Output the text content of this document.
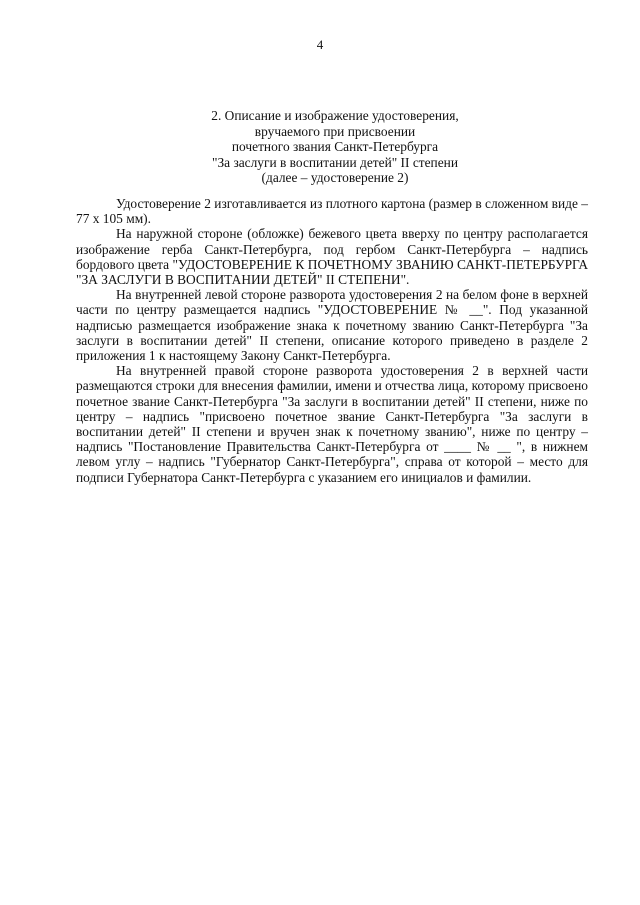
4
2. Описание и изображение удостоверения,
вручаемого при присвоении
почетного звания Санкт-Петербурга
"За заслуги в воспитании детей" II степени
(далее – удостоверение 2)

Удостоверение 2 изготавливается из плотного картона (размер в сложенном виде – 77 х 105 мм).

На наружной стороне (обложке) бежевого цвета вверху по центру располагается изображение герба Санкт-Петербурга, под гербом Санкт-Петербурга – надпись бордового цвета "УДОСТОВЕРЕНИЕ К ПОЧЕТНОМУ ЗВАНИЮ САНКТ-ПЕТЕРБУРГА "ЗА ЗАСЛУГИ В ВОСПИТАНИИ ДЕТЕЙ" II СТЕПЕНИ".

На внутренней левой стороне разворота удостоверения 2 на белом фоне в верхней части по центру размещается надпись "УДОСТОВЕРЕНИЕ № __". Под указанной надписью размещается изображение знака к почетному званию Санкт-Петербурга "За заслуги в воспитании детей" II степени, описание которого приведено в разделе 2 приложения 1 к настоящему Закону Санкт-Петербурга.

На внутренней правой стороне разворота удостоверения 2 в верхней части размещаются строки для внесения фамилии, имени и отчества лица, которому присвоено почетное звание Санкт-Петербурга "За заслуги в воспитании детей" II степени, ниже по центру – надпись "присвоено почетное звание Санкт-Петербурга "За заслуги в воспитании детей" II степени и вручен знак к почетному званию", ниже по центру – надпись "Постановление Правительства Санкт-Петербурга от ____ № __ ", в нижнем левом углу – надпись "Губернатор Санкт-Петербурга", справа от которой – место для подписи Губернатора Санкт-Петербурга с указанием его инициалов и фамилии.
